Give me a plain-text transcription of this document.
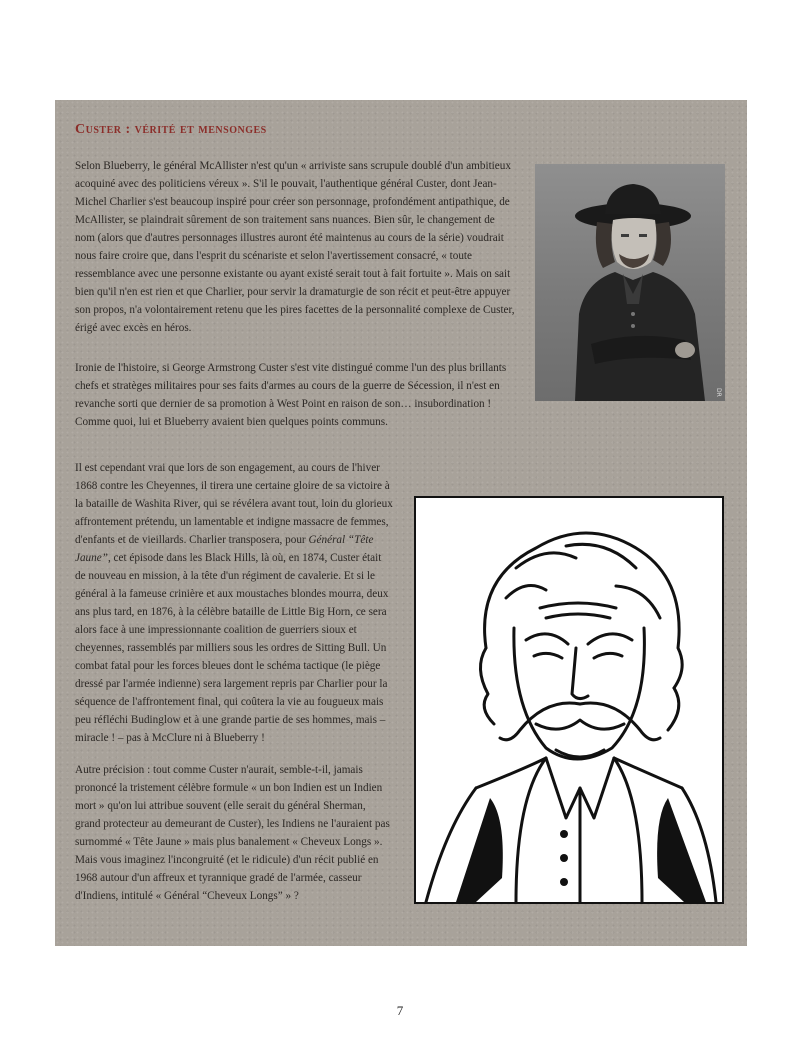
Custer : vérité et mensonges

Selon Blueberry, le général McAllister n'est qu'un « arriviste sans scrupule doublé d'un ambitieux acoquiné avec des politiciens véreux ». S'il le pouvait, l'authentique général Custer, dont Jean-Michel Charlier s'est beaucoup inspiré pour créer son personnage, profondément antipathique, de McAllister, se plaindrait sûrement de son traitement sans nuances. Bien sûr, le changement de nom (alors que d'autres personnages illustres auront été maintenus au cours de la série) voudrait nous faire croire que, dans l'esprit du scénariste et selon l'avertissement consacré, « toute ressemblance avec une personne existante ou ayant existé serait tout à fait fortuite ». Mais on sait bien qu'il n'en est rien et que Charlier, pour servir la dramaturgie de son récit et peut-être appuyer son propos, n'a volontairement retenu que les pires facettes de la personnalité complexe de Custer, érigé avec excès en héros.

Ironie de l'histoire, si George Armstrong Custer s'est vite distingué comme l'un des plus brillants chefs et stratèges militaires pour ses faits d'armes au cours de la guerre de Sécession, il n'est en revanche sorti que dernier de sa promotion à West Point en raison de son… insubordination ! Comme quoi, lui et Blueberry avaient bien quelques points communs.

Il est cependant vrai que lors de son engagement, au cours de l'hiver 1868 contre les Cheyennes, il tirera une certaine gloire de sa victoire à la bataille de Washita River, qui se révélera avant tout, loin du glorieux affrontement prétendu, un lamentable et indigne massacre de femmes, d'enfants et de vieillards. Charlier transposera, pour Général “Tête Jaune”, cet épisode dans les Black Hills, là où, en 1874, Custer était de nouveau en mission, à la tête d'un régiment de cavalerie. Et si le général à la fameuse crinière et aux moustaches blondes mourra, deux ans plus tard, en 1876, à la célèbre bataille de Little Big Horn, ce sera alors face à une impressionnante coalition de guerriers sioux et cheyennes, rassemblés par milliers sous les ordres de Sitting Bull. Un combat fatal pour les forces bleues dont le schéma tactique (le piège dressé par l'armée indienne) sera largement repris par Charlier pour la séquence de l'affrontement final, qui coûtera la vie au fougueux mais peu réfléchi Budinglow et à une grande partie de ses hommes, mais – miracle ! – pas à McClure ni à Blueberry !

Autre précision : tout comme Custer n'aurait, semble-t-il, jamais prononcé la tristement célèbre formule « un bon Indien est un Indien mort » qu'on lui attribue souvent (elle serait du général Sherman, grand protecteur au demeurant de Custer), les Indiens ne l'auraient pas surnommé « Tête Jaune » mais plus banalement « Cheveux Longs ». Mais vous imaginez l'incongruité (et le ridicule) d'un récit publié en 1968 autour d'un affreux et tyrannique gradé de l'armée, casseur d'Indiens, intitulé « Général “Cheveux Longs” » ?

DR
7
